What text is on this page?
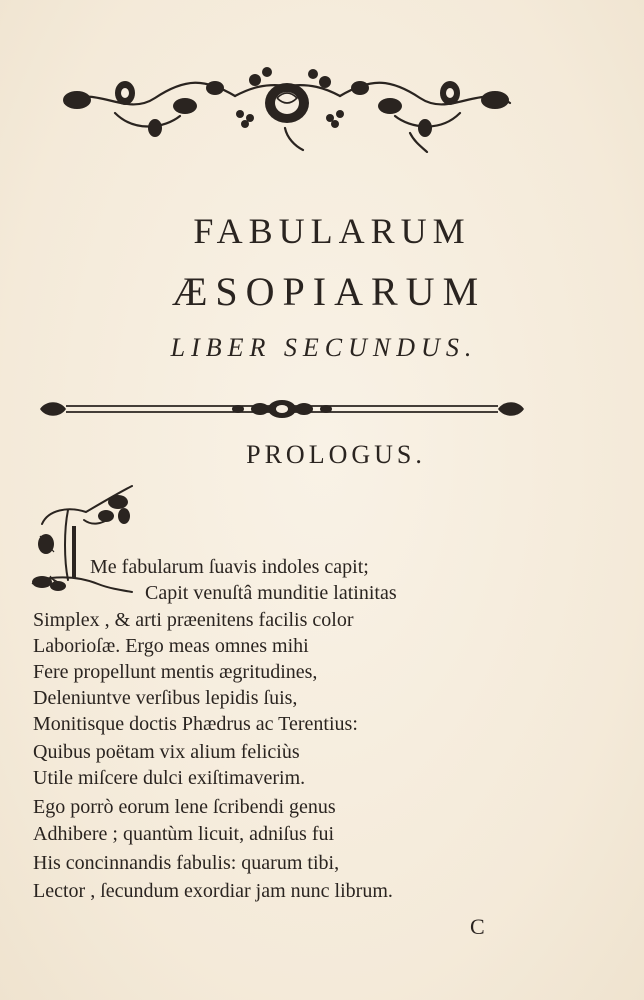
FABULARUM
ÆSOPIARUM
LIBER SECUNDUS.
PROLOGUS.

Me fabularum ſuavis indoles capit;

Capit venuſtâ munditie latinitas

Simplex , & arti præenitens facilis color

Laborioſæ. Ergo meas omnes mihi

Fere propellunt mentis ægritudines,

Deleniuntve verſibus lepidis ſuis,

Monitisque doctis Phædrus ac Terentius:

Quibus poëtam vix alium feliciùs

Utile miſcere dulci exiſtimaverim.

Ego porrò eorum lene ſcribendi genus

Adhibere ; quantùm licuit, adniſus fui

His concinnandis fabulis: quarum tibi,

Lector , ſecundum exordiar jam nunc librum.

C
